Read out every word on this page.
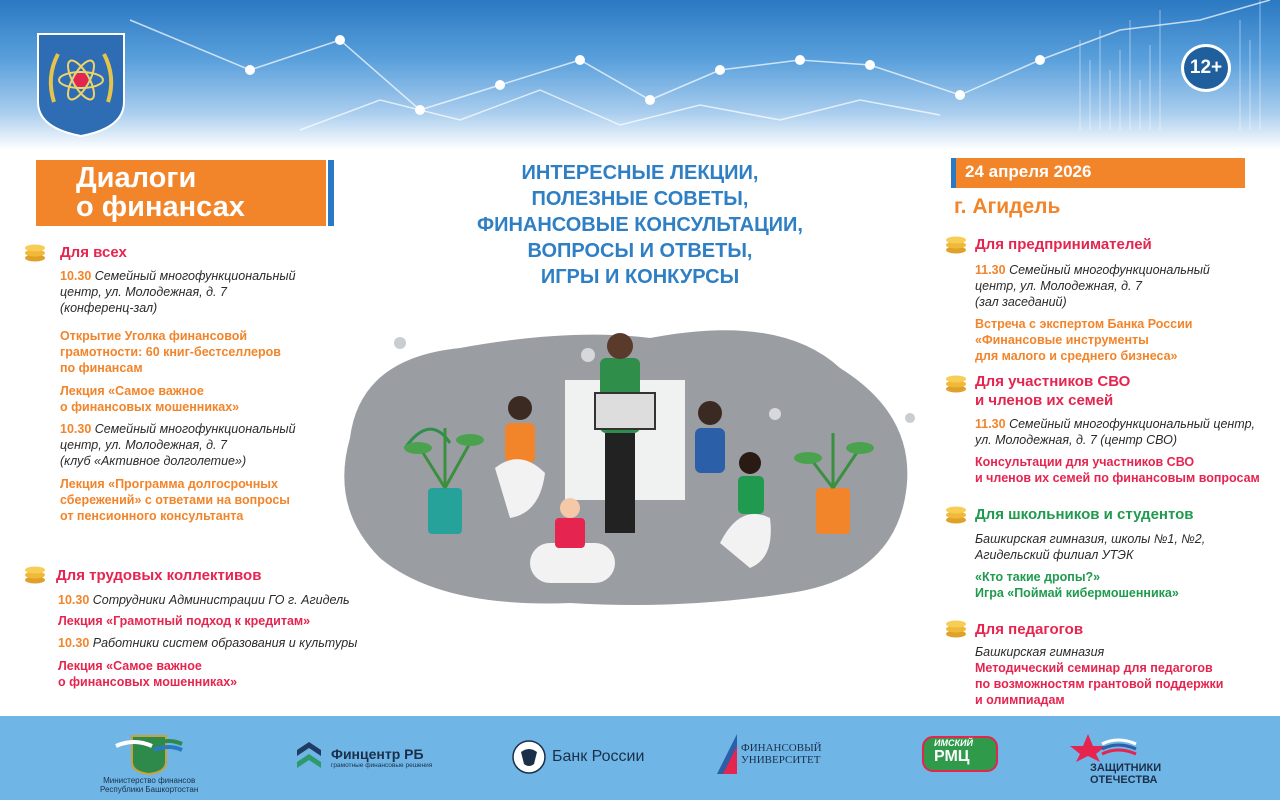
12+
Диалоги
о финансах
ИНТЕРЕСНЫЕ ЛЕКЦИИ,
ПОЛЕЗНЫЕ СОВЕТЫ,
ФИНАНСОВЫЕ КОНСУЛЬТАЦИИ,
ВОПРОСЫ И ОТВЕТЫ,
ИГРЫ И КОНКУРСЫ
24 апреля 2026
г. Агидель
Для всех
10.30 Семейный многофункциональный
центр, ул. Молодежная, д. 7
(конференц-зал)
Открытие Уголка финансовой
грамотности: 60 книг-бестселлеров
по финансам
Лекция «Самое важное
о финансовых мошенниках»
10.30 Семейный многофункциональный
центр, ул. Молодежная, д. 7
(клуб «Активное долголетие»)
Лекция «Программа долгосрочных
сбережений» с ответами на вопросы
от пенсионного консультанта
Для трудовых коллективов
10.30 Сотрудники Администрации ГО г. Агидель
Лекция «Грамотный подход к кредитам»
10.30 Работники систем образования и культуры
Лекция «Самое важное
о финансовых мошенниках»
Для предпринимателей
11.30 Семейный многофункциональный
центр, ул. Молодежная, д. 7
(зал заседаний)
Встреча с экспертом Банка России
«Финансовые инструменты
для малого и среднего бизнеса»
Для участников СВО
и членов их семей
11.30 Семейный многофункциональный центр,
ул. Молодежная, д. 7 (центр СВО)
Консультации для участников СВО
и членов их семей по финансовым вопросам
Для школьников и студентов
Башкирская гимназия, школы №1, №2,
Агидельский филиал УТЭК
«Кто такие дропы?»
Игра «Поймай кибермошенника»
Для педагогов
Башкирская гимназия
Методический семинар для педагогов
по возможностям грантовой поддержки
и олимпиадам
Министерство финансов
Республики Башкортостан
Финцентр РБ
грамотные финансовые решения	Банк России	ФИНАНСОВЫЙ
УНИВЕРСИТЕТ
ИМСКИЙ
РМЦ
ЗАЩИТНИКИ
ОТЕЧЕСТВА
